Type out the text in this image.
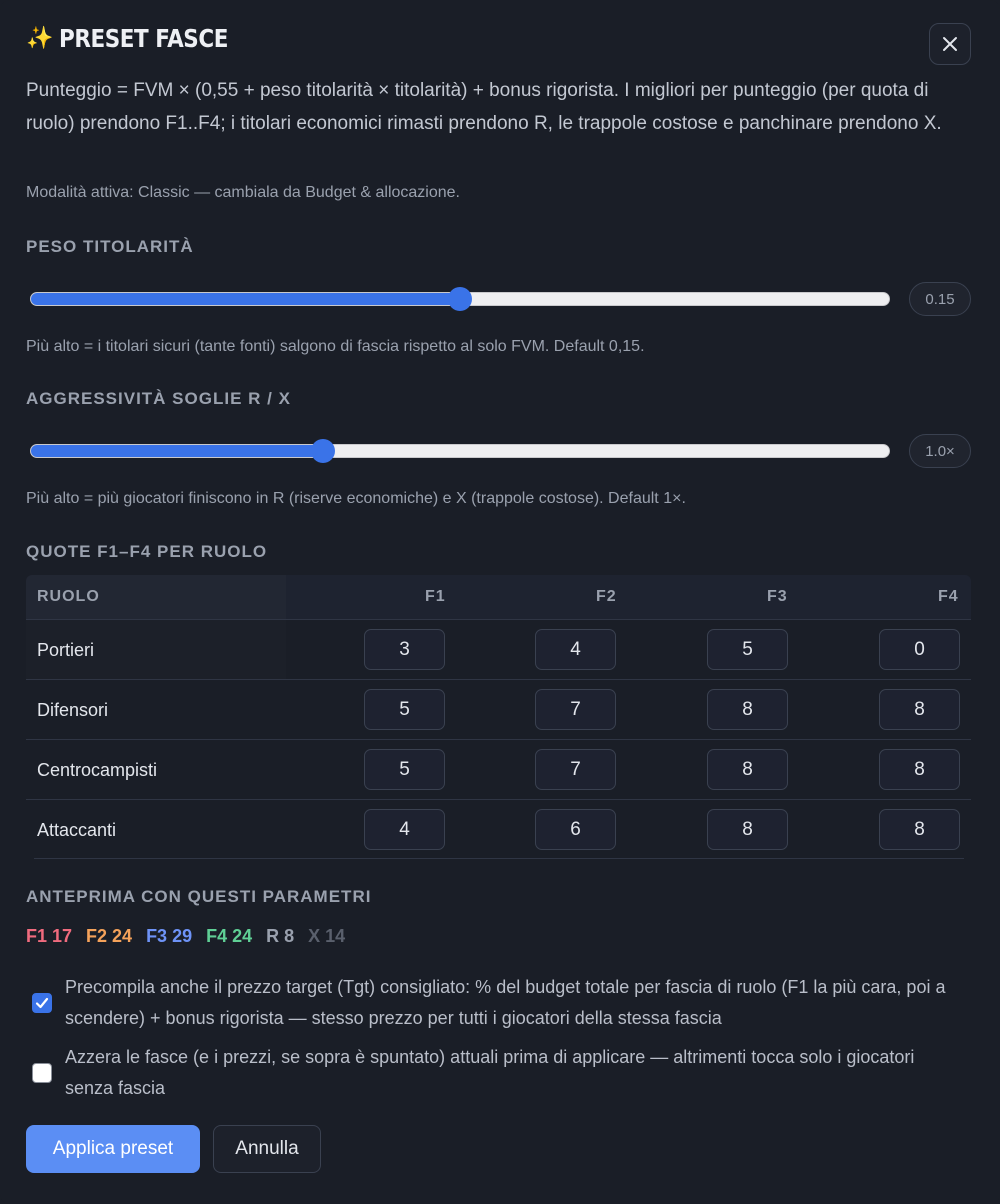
✨ PRESET FASCE
Punteggio = FVM × (0,55 + peso titolarità × titolarità) + bonus rigorista. I migliori per punteggio (per quota di ruolo) prendono F1..F4; i titolari economici rimasti prendono R, le trappole costose e panchinare prendono X.
Modalità attiva: Classic — cambiala da Budget & allocazione.
PESO TITOLARITÀ
0.15
Più alto = i titolari sicuri (tante fonti) salgono di fascia rispetto al solo FVM. Default 0,15.
AGGRESSIVITÀ SOGLIE R / X
1.0×
Più alto = più giocatori finiscono in R (riserve economiche) e X (trappole costose). Default 1×.
QUOTE F1–F4 PER RUOLO
RUOLO	F1	F2	F3	F4
Portieri	3	4	5	0
Difensori	5	7	8	8
Centrocampisti	5	7	8	8
Attaccanti	4	6	8	8
ANTEPRIMA CON QUESTI PARAMETRI
F1 17 F2 24 F3 29 F4 24 R 8 X 14
Precompila anche il prezzo target (Tgt) consigliato: % del budget totale per fascia di ruolo (F1 la più cara, poi a scendere) + bonus rigorista — stesso prezzo per tutti i giocatori della stessa fascia
Azzera le fasce (e i prezzi, se sopra è spuntato) attuali prima di applicare — altrimenti tocca solo i giocatori senza fascia
Applica preset	Annulla
